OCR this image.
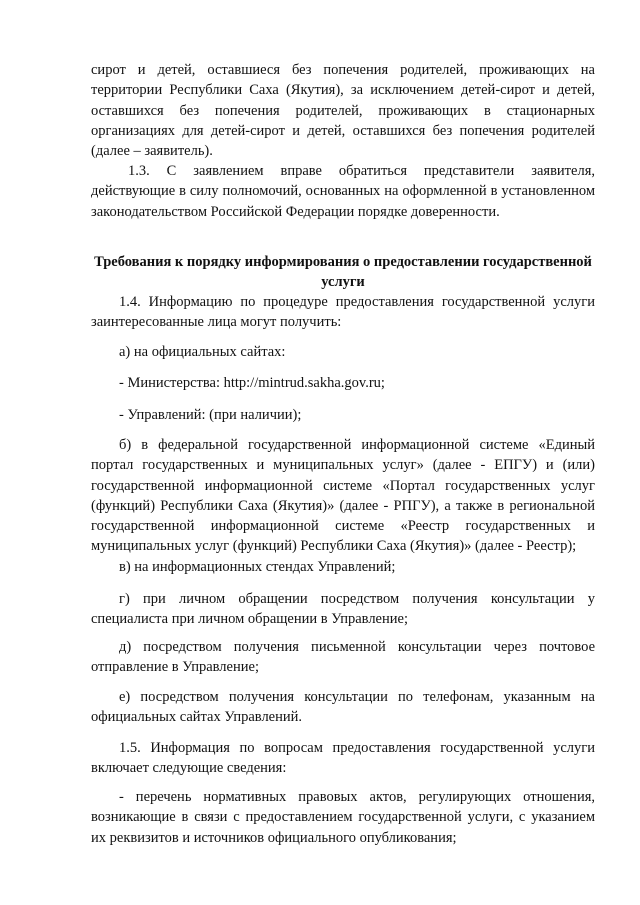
сирот и детей, оставшиеся без попечения родителей, проживающих на территории Республики Саха (Якутия), за исключением детей-сирот и детей, оставшихся без попечения родителей, проживающих в стационарных организациях для детей-сирот и детей, оставшихся без попечения родителей (далее – заявитель).

1.3. С заявлением вправе обратиться представители заявителя, действующие в силу полномочий, основанных на оформленной в установленном законодательством Российской Федерации порядке доверенности.

Требования к порядку информирования о предоставлении государственной услуги

1.4. Информацию по процедуре предоставления государственной услуги заинтересованные лица могут получить:

а) на официальных сайтах:

- Министерства: http://mintrud.sakha.gov.ru;

- Управлений: (при наличии);

б) в федеральной государственной информационной системе «Единый портал государственных и муниципальных услуг» (далее - ЕПГУ) и (или) государственной информационной системе «Портал государственных услуг (функций) Республики Саха (Якутия)» (далее - РПГУ), а также в региональной государственной информационной системе «Реестр государственных и муниципальных услуг (функций) Республики Саха (Якутия)» (далее - Реестр);

в) на информационных стендах Управлений;

г) при личном обращении посредством получения консультации у специалиста при личном обращении в Управление;

д) посредством получения письменной консультации через почтовое отправление в Управление;

е) посредством получения консультации по телефонам, указанным на официальных сайтах Управлений.

1.5. Информация по вопросам предоставления государственной услуги включает следующие сведения:

- перечень нормативных правовых актов, регулирующих отношения, возникающие в связи с предоставлением государственной услуги, с указанием их реквизитов и источников официального опубликования;
